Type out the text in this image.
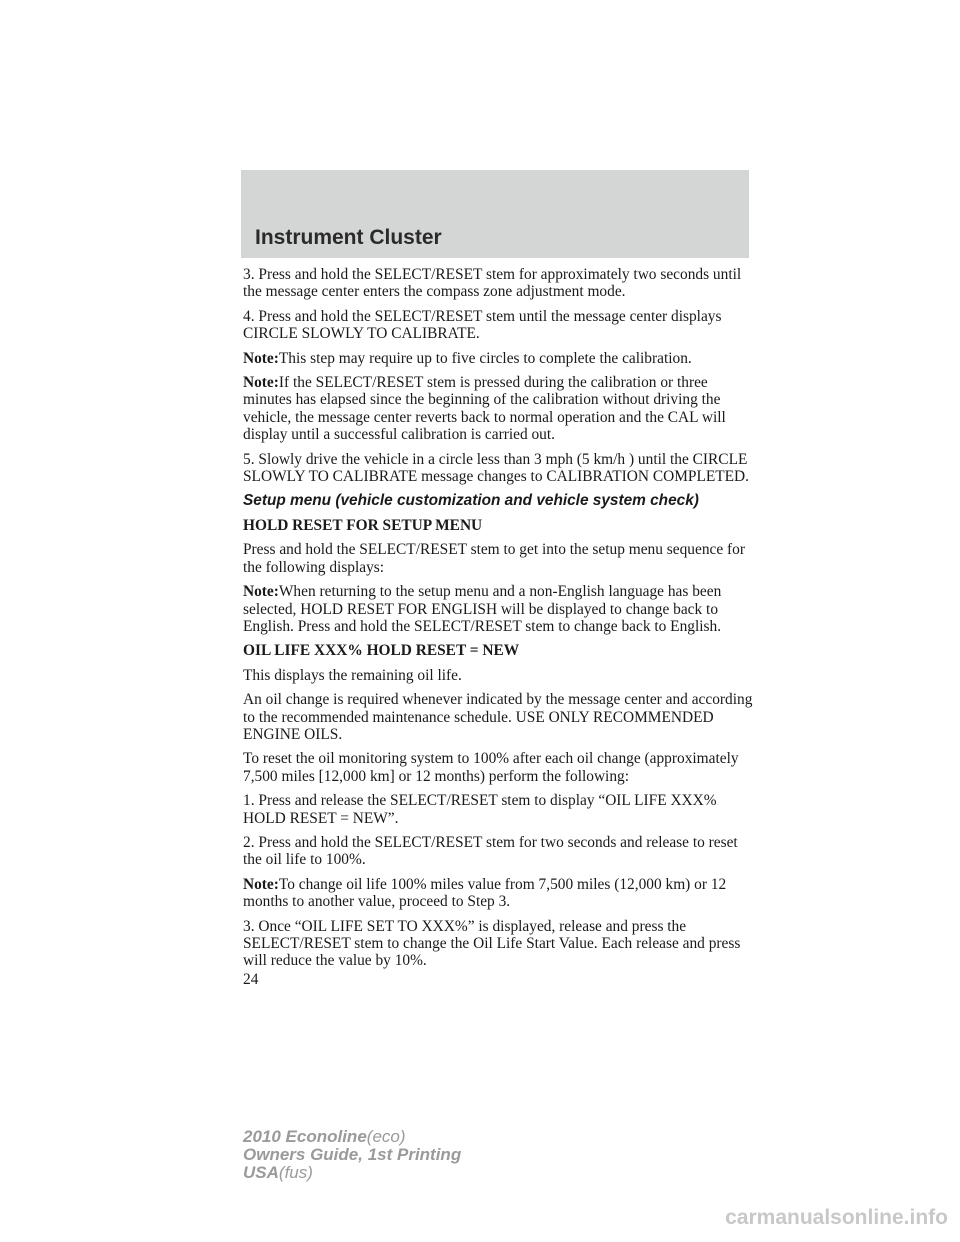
Instrument Cluster

3. Press and hold the SELECT/RESET stem for approximately two seconds until the message center enters the compass zone adjustment mode.

4. Press and hold the SELECT/RESET stem until the message center displays CIRCLE SLOWLY TO CALIBRATE.

Note:This step may require up to five circles to complete the calibration.

Note:If the SELECT/RESET stem is pressed during the calibration or three minutes has elapsed since the beginning of the calibration without driving the vehicle, the message center reverts back to normal operation and the CAL will display until a successful calibration is carried out.

5. Slowly drive the vehicle in a circle less than 3 mph (5 km/h ) until the CIRCLE SLOWLY TO CALIBRATE message changes to CALIBRATION COMPLETED.

Setup menu (vehicle customization and vehicle system check)

HOLD RESET FOR SETUP MENU

Press and hold the SELECT/RESET stem to get into the setup menu sequence for the following displays:

Note:When returning to the setup menu and a non-English language has been selected, HOLD RESET FOR ENGLISH will be displayed to change back to English. Press and hold the SELECT/RESET stem to change back to English.

OIL LIFE XXX% HOLD RESET = NEW

This displays the remaining oil life.

An oil change is required whenever indicated by the message center and according to the recommended maintenance schedule. USE ONLY RECOMMENDED ENGINE OILS.

To reset the oil monitoring system to 100% after each oil change (approximately 7,500 miles [12,000 km] or 12 months) perform the following:

1. Press and release the SELECT/RESET stem to display “OIL LIFE XXX% HOLD RESET = NEW”.

2. Press and hold the SELECT/RESET stem for two seconds and release to reset the oil life to 100%.

Note:To change oil life 100% miles value from 7,500 miles (12,000 km) or 12 months to another value, proceed to Step 3.

3. Once “OIL LIFE SET TO XXX%” is displayed, release and press the SELECT/RESET stem to change the Oil Life Start Value. Each release and press will reduce the value by 10%.

24
2010 Econoline(eco)
Owners Guide, 1st Printing
USA(fus)
carmanualsonline.info
